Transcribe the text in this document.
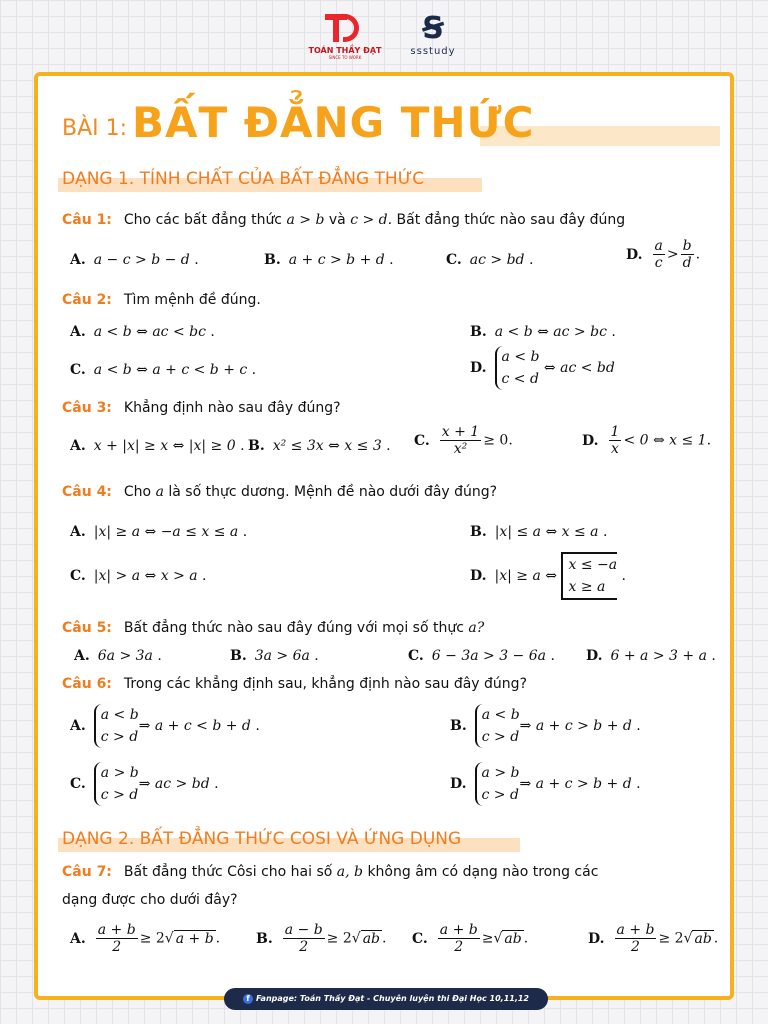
TOÁN THẦY ĐẠT
SINCE TO WORK
Ꞩ
ssstudy
BÀI 1: BẤT ĐẲNG THỨC
DẠNG 1. TÍNH CHẤT CỦA BẤT ĐẲNG THỨC
Câu 1: Cho các bất đẳng thức a > b và c > d. Bất đẳng thức nào sau đây đúng
A. a − c > b − d .	B. a + c > b + d .	C. ac > bd .	D. $\frac{a}{c} > \frac{b}{d}$ .
Câu 2: Tìm mệnh đề đúng.
A. a < b ⇔ ac < bc .	B. a < b ⇔ ac > bc .
C. a < b ⇔ a + c < b + c .	D.a < b
c < d ⇔ ac < bd
Câu 3: Khẳng định nào sau đây đúng?
A. x + |x| ≥ x ⇔ |x| ≥ 0 . B. x² ≤ 3x ⇔ x ≤ 3 . C. $\frac{x + 1}{\text{x²}} \ge 0$.	D. $\frac{1}{x} < 0$ ⇔ x ≤ 1.
Câu 4: Cho a là số thực dương. Mệnh đề nào dưới đây đúng?
A. |x| ≥ a ⇔ −a ≤ x ≤ a .	B. |x| ≤ a ⇔ x ≤ a .
C. |x| > a ⇔ x > a .	D. |x| ≥ a ⇔ x ≤ −a
x ≥ a .
Câu 5: Bất đẳng thức nào sau đây đúng với mọi số thực a?
A. 6a > 3a .	B. 3a > 6a .	C. 6 − 3a > 3 − 6a . D. 6 + a > 3 + a .
Câu 6: Trong các khẳng định sau, khẳng định nào sau đây đúng?
A.a < b
c > d⇒ a + c < b + d .	B.a < b
c > d⇒ a + c > b + d .
C.a > b
c > d⇒ ac > bd .	D.a > b
c > d⇒ a + c > b + d .
DẠNG 2. BẤT ĐẲNG THỨC COSI VÀ ỨNG DỤNG
Câu 7: Bất đẳng thức Côsi cho hai số a, b không âm có dạng nào trong các
dạng được cho dưới đây?
A. $\frac{a + b}{2} \ge 2√$ a + b .	B. $\frac{a - b}{2} \ge 2√$ ab . C. $\frac{a + b}{2}$ ≥√ ab .	D. $\frac{a + b}{2} \ge 2√$ ab .
f Fanpage: Toán Thầy Đạt - Chuyên luyện thi Đại Học 10,11,12
